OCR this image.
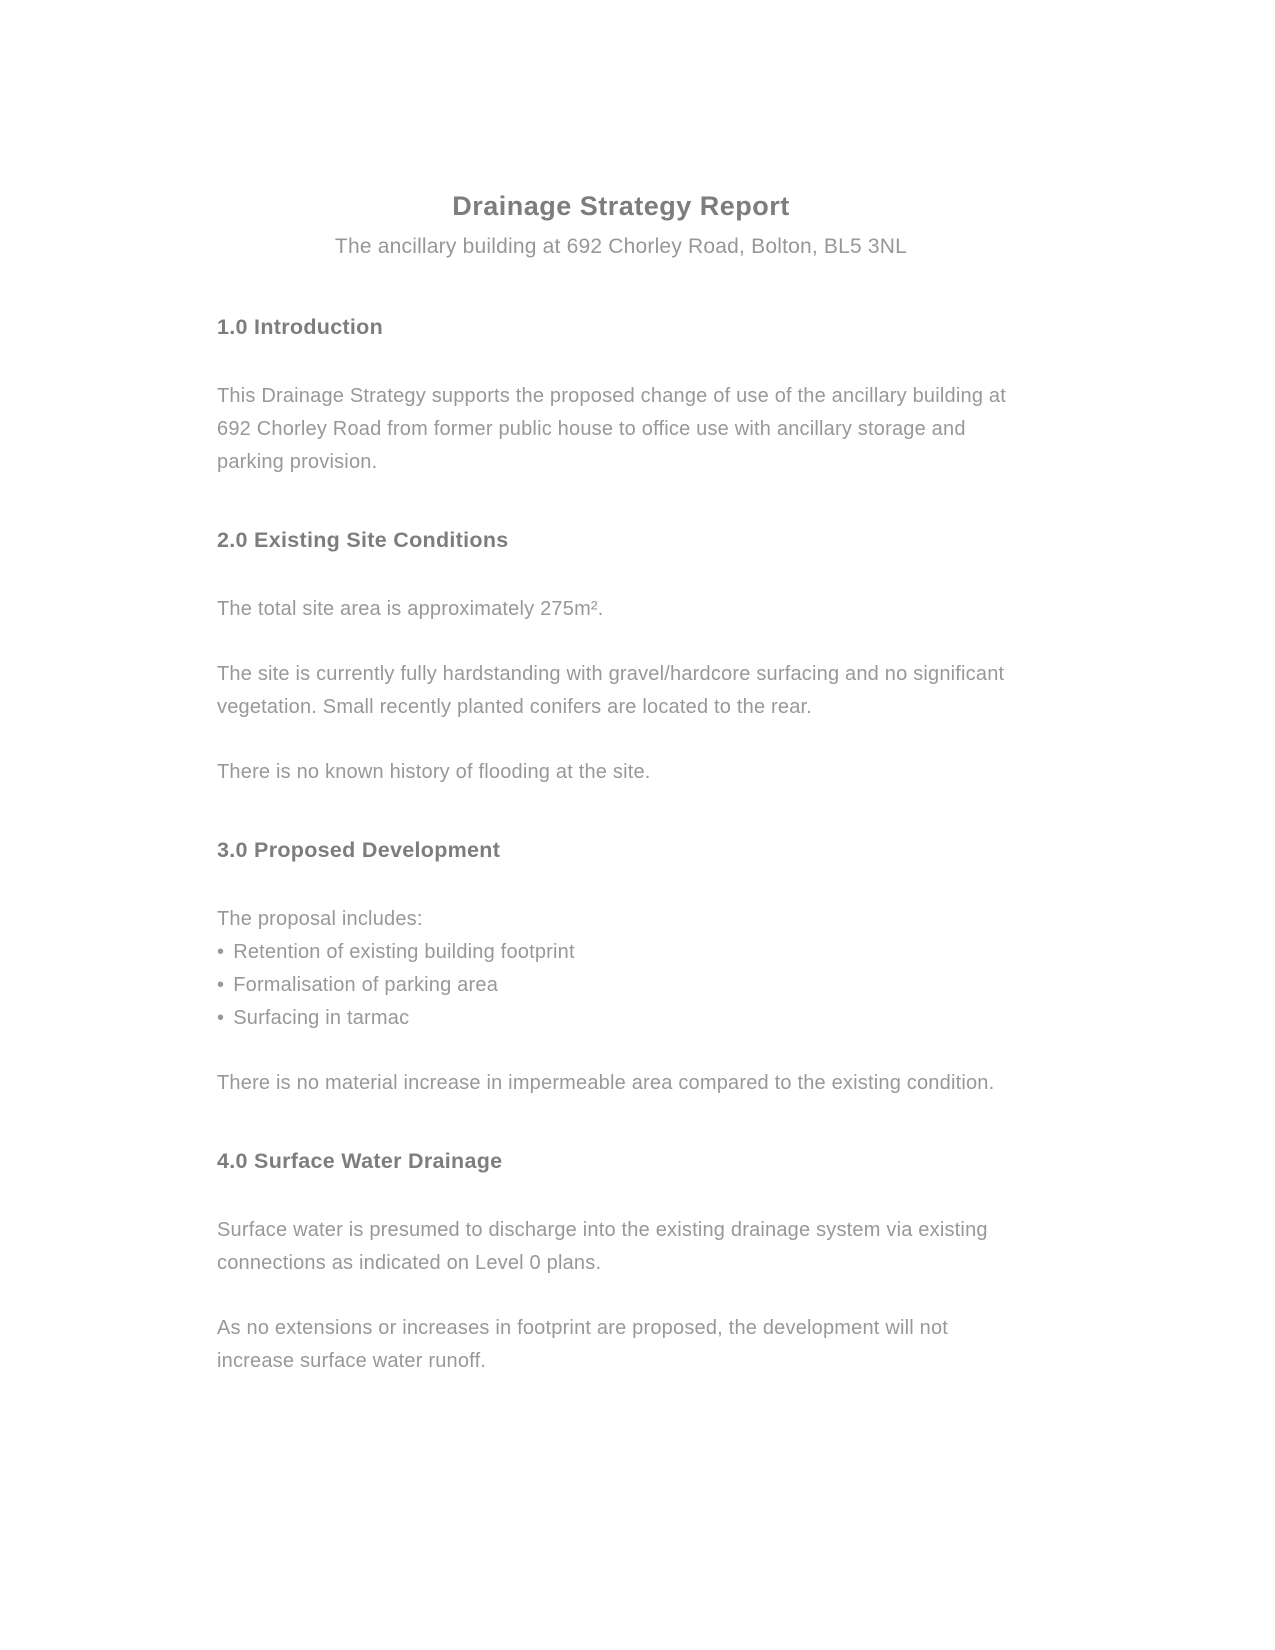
Drainage Strategy Report

The ancillary building at 692 Chorley Road, Bolton, BL5 3NL

1.0 Introduction

This Drainage Strategy supports the proposed change of use of the ancillary building at 692 Chorley Road from former public house to office use with ancillary storage and parking provision.

2.0 Existing Site Conditions

The total site area is approximately 275m².

The site is currently fully hardstanding with gravel/hardcore surfacing and no significant vegetation. Small recently planted conifers are located to the rear.

There is no known history of flooding at the site.

3.0 Proposed Development

The proposal includes:

• Retention of existing building footprint

• Formalisation of parking area

• Surfacing in tarmac

There is no material increase in impermeable area compared to the existing condition.

4.0 Surface Water Drainage

Surface water is presumed to discharge into the existing drainage system via existing connections as indicated on Level 0 plans.

As no extensions or increases in footprint are proposed, the development will not increase surface water runoff.
